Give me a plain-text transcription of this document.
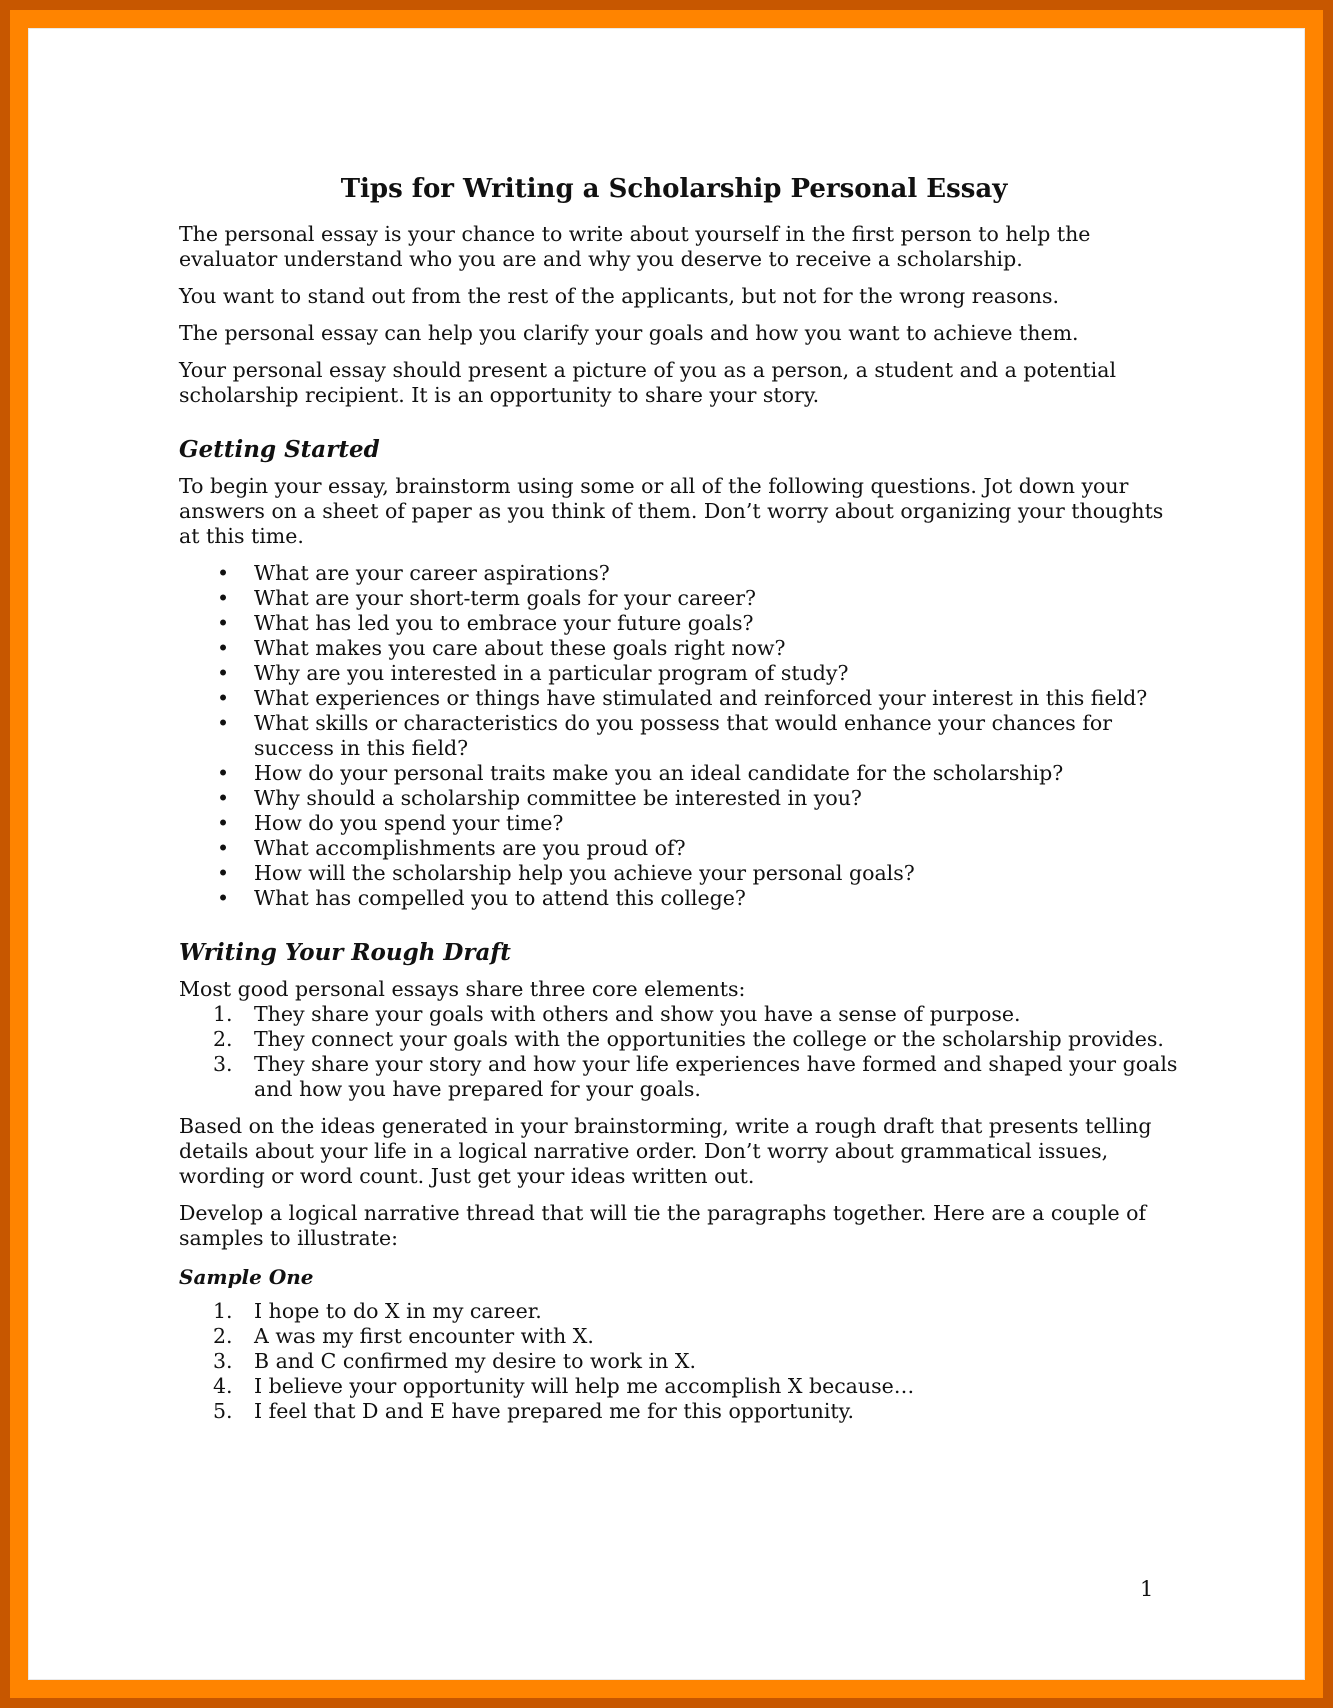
Tips for Writing a Scholarship Personal Essay

The personal essay is your chance to write about yourself in the first person to help the evaluator understand who you are and why you deserve to receive a scholarship.

You want to stand out from the rest of the applicants, but not for the wrong reasons.

The personal essay can help you clarify your goals and how you want to achieve them.

Your personal essay should present a picture of you as a person, a student and a potential scholarship recipient. It is an opportunity to share your story.

Getting Started

To begin your essay, brainstorm using some or all of the following questions. Jot down your answers on a sheet of paper as you think of them. Don’t worry about organizing your thoughts at this time.

• What are your career aspirations?
• What are your short-term goals for your career?
• What has led you to embrace your future goals?
• What makes you care about these goals right now?
• Why are you interested in a particular program of study?
• What experiences or things have stimulated and reinforced your interest in this field?
• What skills or characteristics do you possess that would enhance your chances for success in this field?
• How do your personal traits make you an ideal candidate for the scholarship?
• Why should a scholarship committee be interested in you?
• How do you spend your time?
• What accomplishments are you proud of?
• How will the scholarship help you achieve your personal goals?
• What has compelled you to attend this college?
Writing Your Rough Draft

Most good personal essays share three core elements:

1. They share your goals with others and show you have a sense of purpose.
2. They connect your goals with the opportunities the college or the scholarship provides.
3. They share your story and how your life experiences have formed and shaped your goals and how you have prepared for your goals.

Based on the ideas generated in your brainstorming, write a rough draft that presents telling details about your life in a logical narrative order. Don’t worry about grammatical issues, wording or word count. Just get your ideas written out.

Develop a logical narrative thread that will tie the paragraphs together. Here are a couple of samples to illustrate:

Sample One
1. I hope to do X in my career.
2. A was my first encounter with X.
3. B and C confirmed my desire to work in X.
4. I believe your opportunity will help me accomplish X because…
5. I feel that D and E have prepared me for this opportunity.
1
